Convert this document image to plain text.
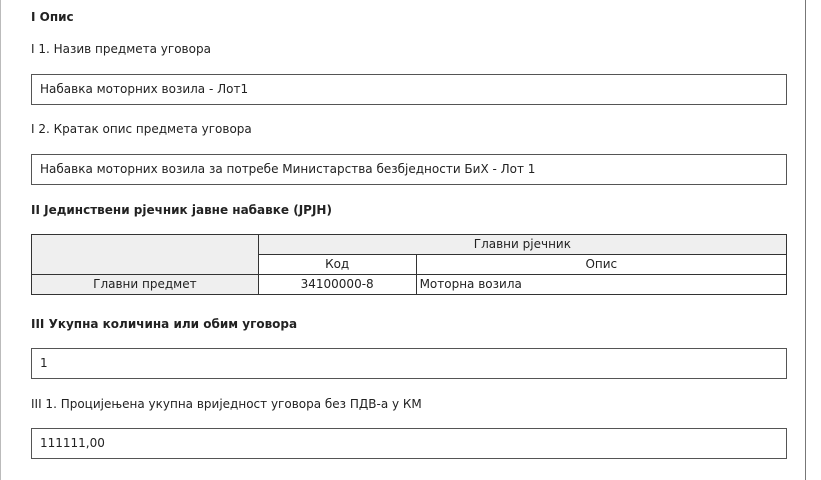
I Опис
I 1. Назив предмета уговора
Набавка моторних возила - Лот1
I 2. Кратак опис предмета уговора
Набавка моторних возила за потребе Министарства безбједности БиХ - Лот 1
II Јединствени рјечник јавне набавке (JPJH)
	Главни рјечник	
	Код	Опис
Главни предмет	34100000-8	Моторна возила
III Укупна количина или обим уговора
1
III 1. Процијењена укупна вриједност уговора без ПДВ-а у КМ
111111,00
